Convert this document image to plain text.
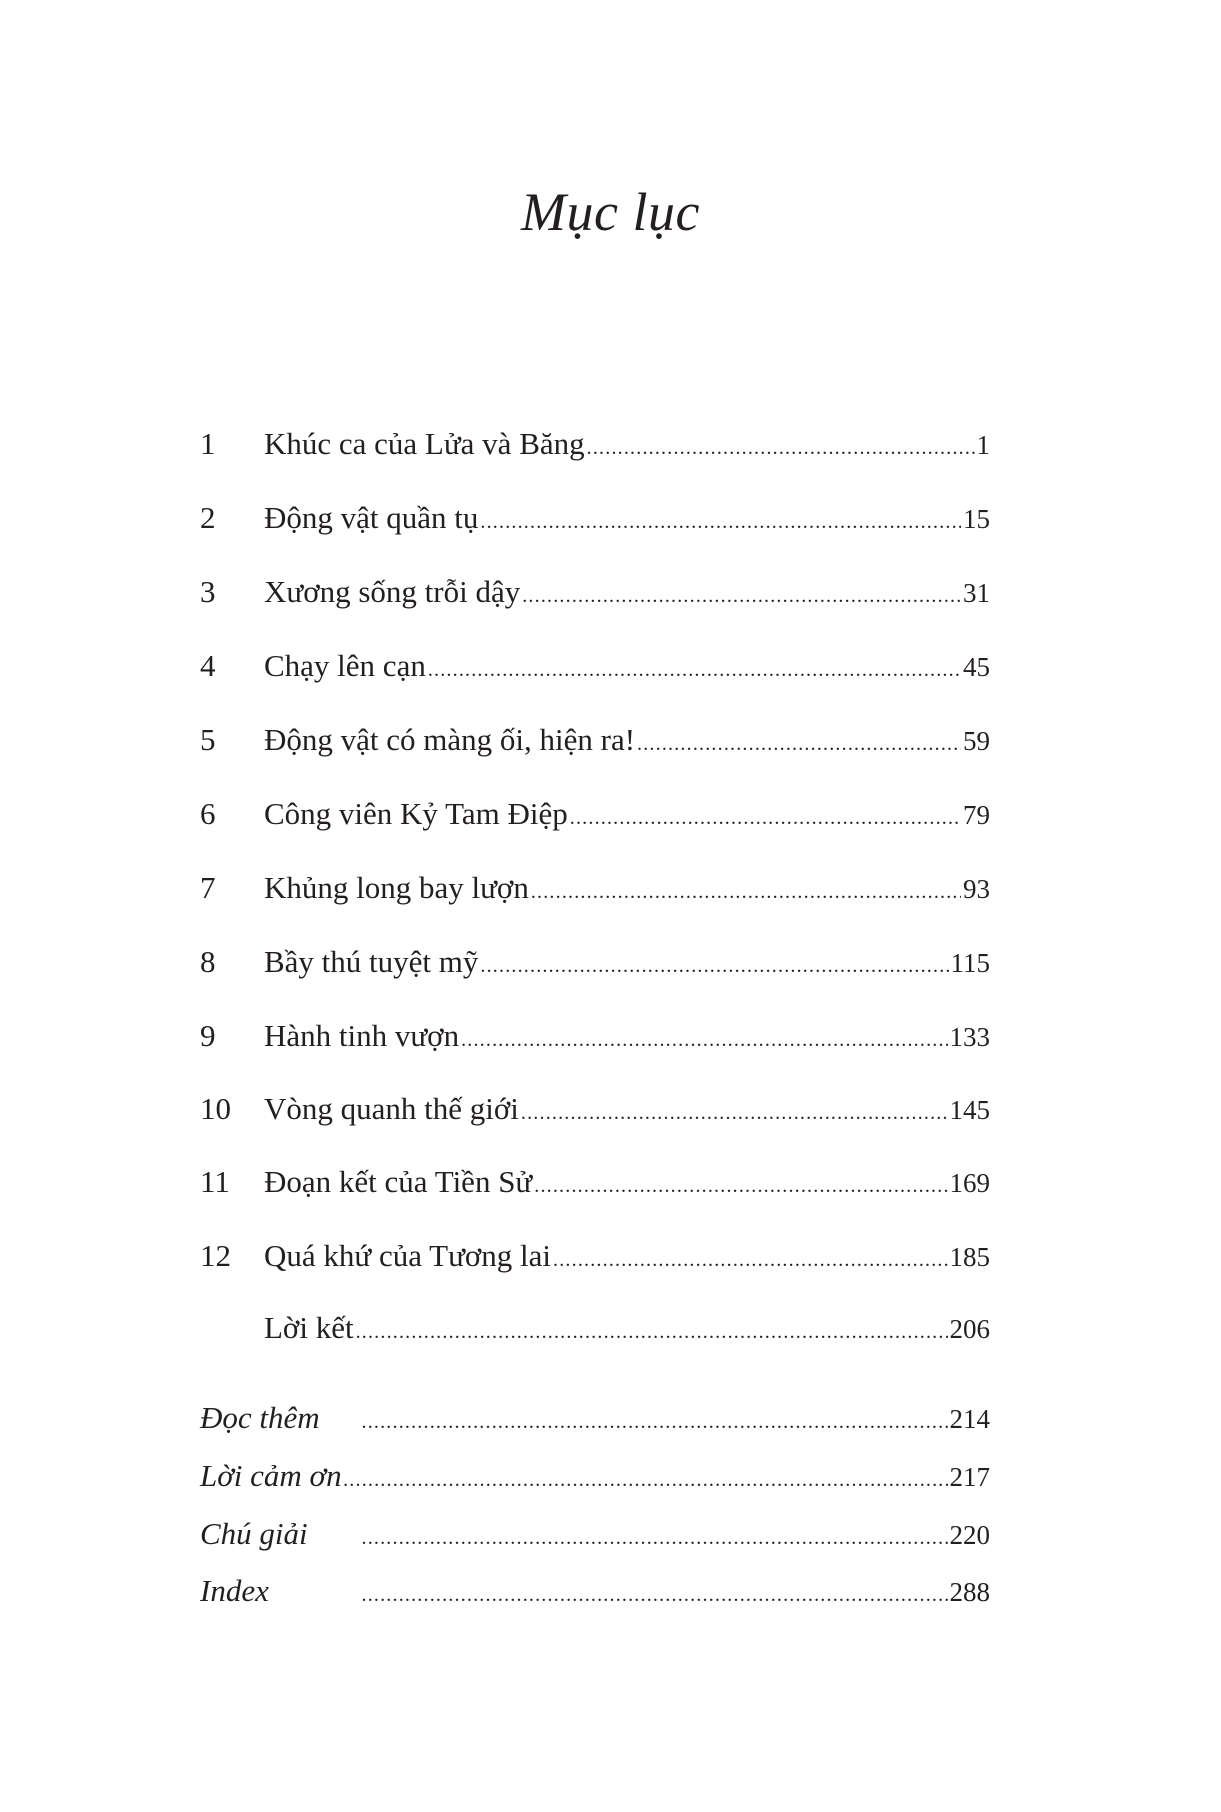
Mục lục
1	Khúc ca của Lửa và Băng .....	1
2	Động vật quần tụ .....	15
3	Xương sống trỗi dậy .....	31
4	Chạy lên cạn .....	45
5	Động vật có màng ối, hiện ra! .....	59
6	Công viên Kỷ Tam Điệp .....	79
7	Khủng long bay lượn .....	93
8	Bầy thú tuyệt mỹ .....	115
9	Hành tinh vượn .....	133
10	Vòng quanh thế giới .....	145
11	Đoạn kết của Tiền Sử .....	169
12	Quá khứ của Tương lai .....	185
Lời kết .....	206
Đọc thêm .....	214
Lời cảm ơn .....	217
Chú giải .....	220
Index .....	288
